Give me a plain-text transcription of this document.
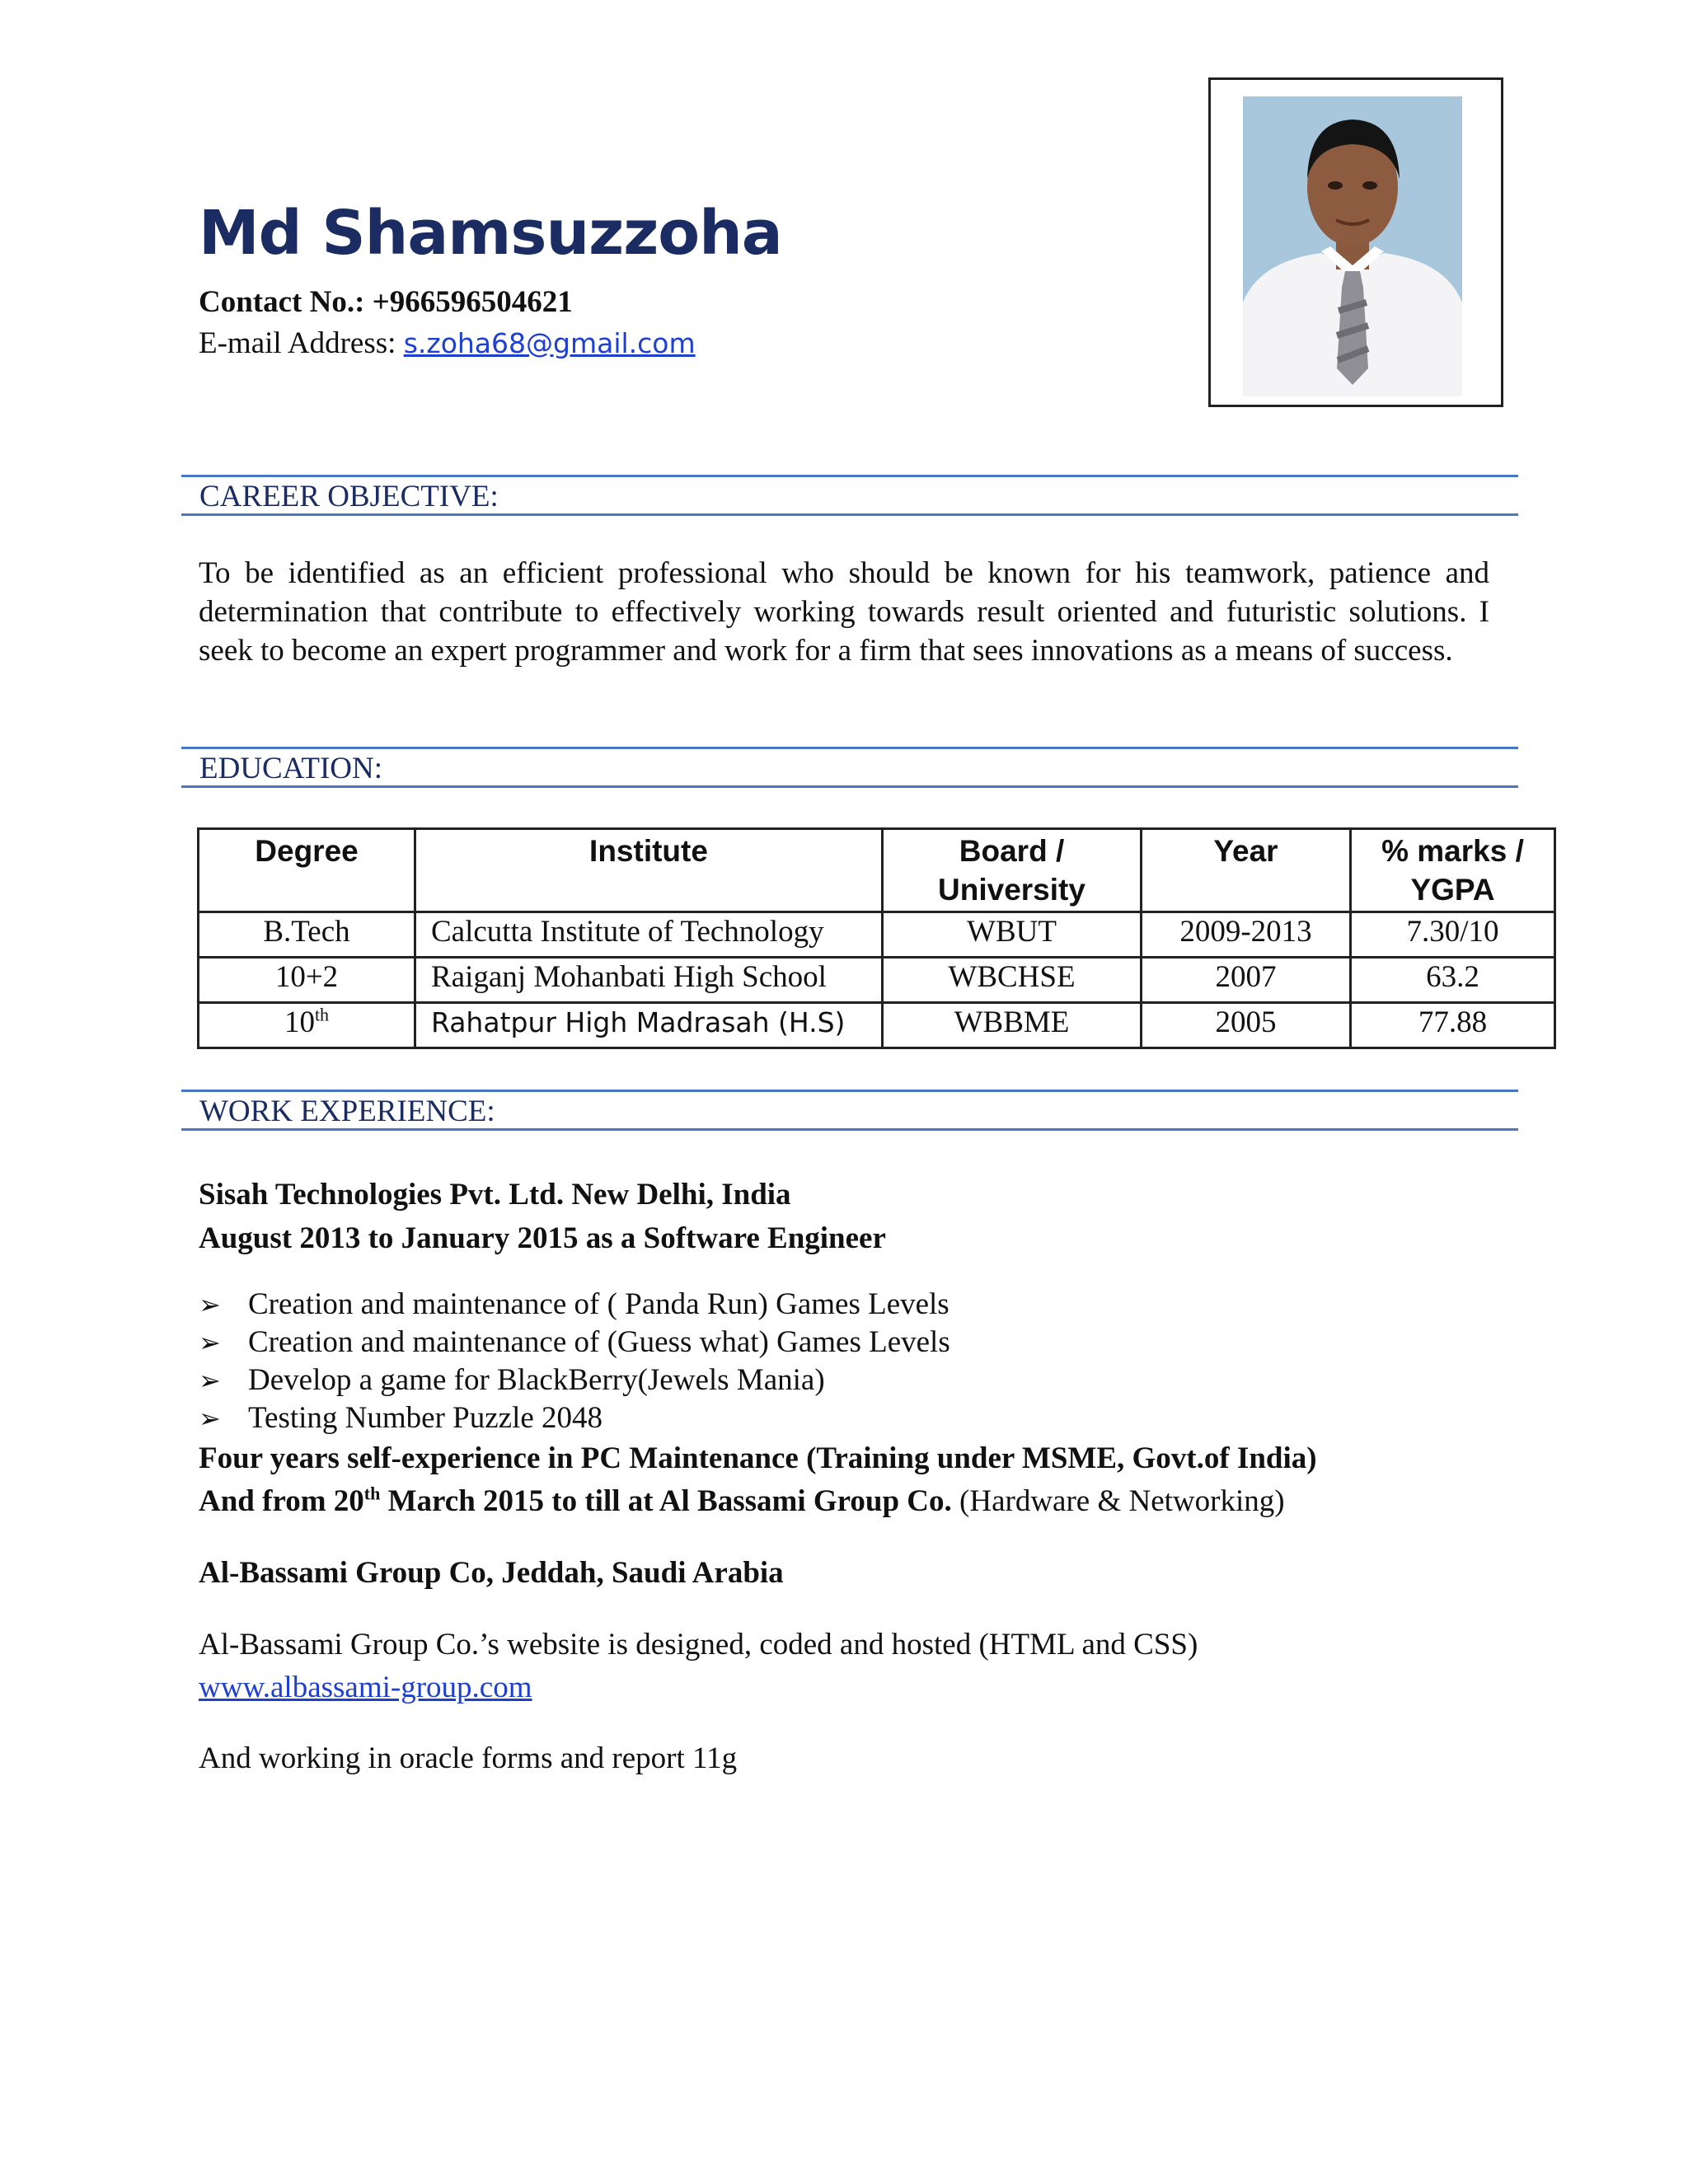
Md Shamsuzzoha
Contact No.: +966596504621
E-mail Address: s.zoha68@gmail.com
CAREER OBJECTIVE:
To be identified as an efficient professional who should be known for his teamwork, patience and determination that contribute to effectively working towards result oriented and futuristic solutions. I seek to become an expert programmer and work for a firm that sees innovations as a means of success.
EDUCATION:
Degree	Institute	Board / University	Year	% marks / YGPA
B.Tech	Calcutta Institute of Technology	WBUT	2009-2013	7.30/10
10+2	Raiganj Mohanbati High School	WBCHSE	2007	63.2
10th	Rahatpur High Madrasah (H.S)	WBBME	2005	77.88
WORK EXPERIENCE:
Sisah Technologies Pvt. Ltd. New Delhi, India
August 2013 to January 2015 as a Software Engineer
➢ Creation and maintenance of ( Panda Run) Games Levels
➢ Creation and maintenance of (Guess what) Games Levels
➢ Develop a game for BlackBerry(Jewels Mania)
➢ Testing Number Puzzle 2048
Four years self-experience in PC Maintenance (Training under MSME, Govt.of India)
And from 20th March 2015 to till at Al Bassami Group Co. (Hardware & Networking)
Al-Bassami Group Co, Jeddah, Saudi Arabia
Al-Bassami Group Co.’s website is designed, coded and hosted (HTML and CSS)
www.albassami-group.com
And working in oracle forms and report 11g
